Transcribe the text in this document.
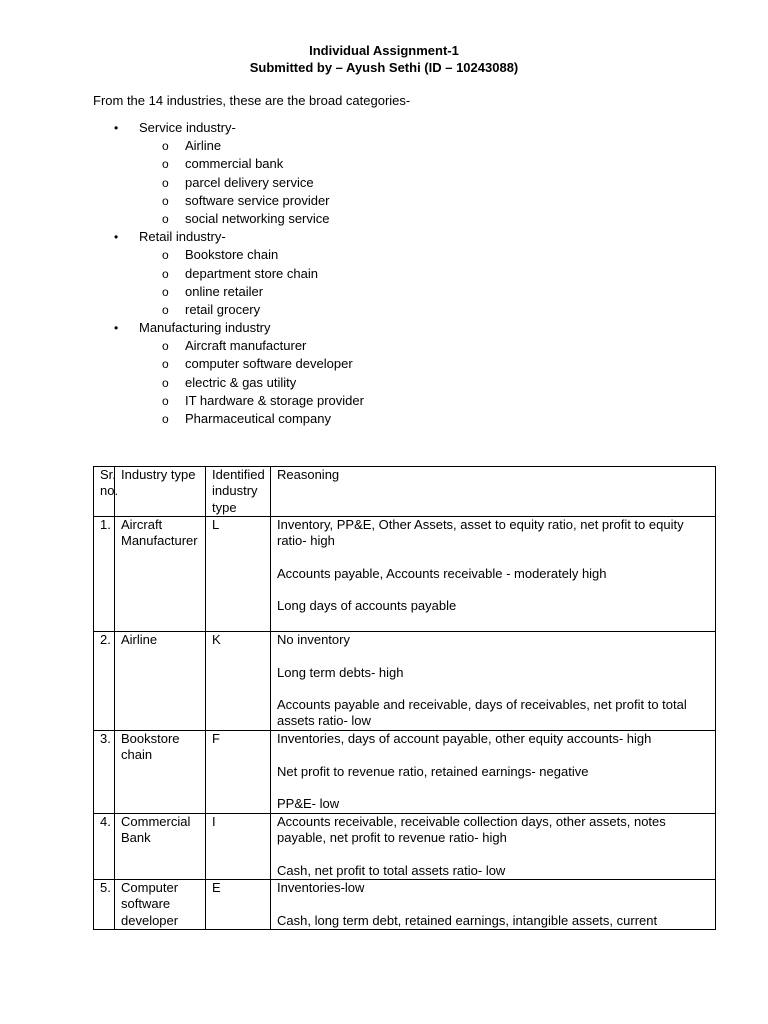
Individual Assignment-1
Submitted by – Ayush Sethi (ID – 10243088)
From the 14 industries, these are the broad categories-
• Service industry-
o Airline
o commercial bank
o parcel delivery service
o software service provider
o social networking service
• Retail industry-
o Bookstore chain
o department store chain
o online retailer
o retail grocery
• Manufacturing industry
o Aircraft manufacturer
o computer software developer
o electric & gas utility
o IT hardware & storage provider
o Pharmaceutical company
Sr. no.	Industry type	Identified industry type	Reasoning
1.	Aircraft Manufacturer	L	Inventory, PP&E, Other Assets, asset to equity ratio, net profit to equity ratio- high
Accounts payable, Accounts receivable - moderately high
Long days of accounts payable

2.	Airline	K	No inventory
Long term debts- high
Accounts payable and receivable, days of receivables, net profit to total assets ratio- low

3.	Bookstore chain	F	Inventories, days of account payable, other equity accounts- high
Net profit to revenue ratio, retained earnings- negative
PP&E- low

4.	Commercial Bank	I	Accounts receivable, receivable collection days, other assets, notes payable, net profit to revenue ratio- high
Cash, net profit to total assets ratio- low

5.	Computer software developer	E	Inventories-low
Cash, long term debt, retained earnings, intangible assets, current
